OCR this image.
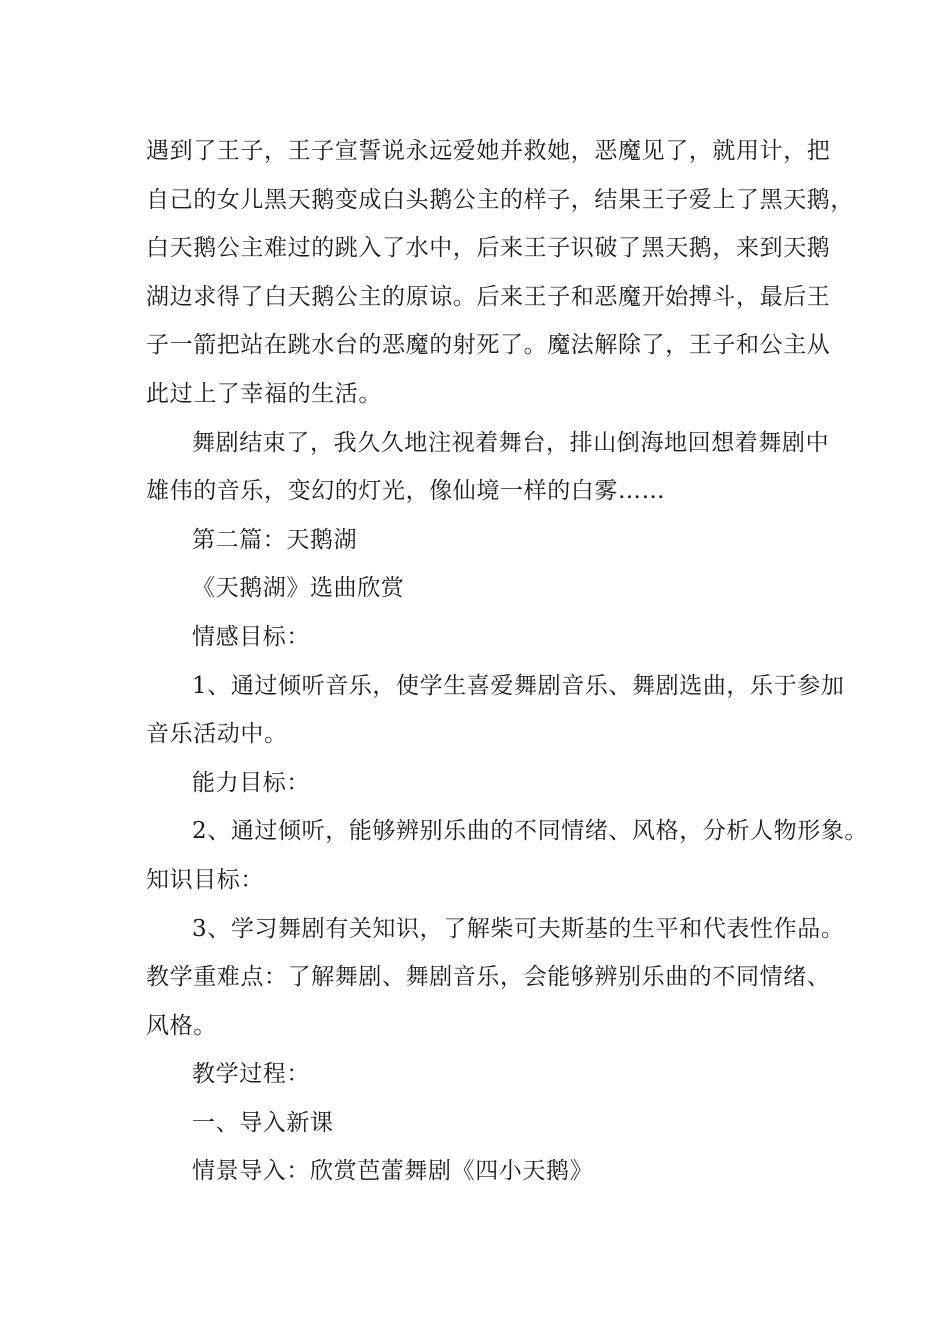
遇到了王子，王子宣誓说永远爱她并救她，恶魔见了，就用计，把
自己的女儿黑天鹅变成白头鹅公主的样子，结果王子爱上了黑天鹅，
白天鹅公主难过的跳入了水中，后来王子识破了黑天鹅，来到天鹅
湖边求得了白天鹅公主的原谅。后来王子和恶魔开始搏斗，最后王
子一箭把站在跳水台的恶魔的射死了。魔法解除了，王子和公主从
此过上了幸福的生活。
舞剧结束了，我久久地注视着舞台，排山倒海地回想着舞剧中
雄伟的音乐，变幻的灯光，像仙境一样的白雾……
第二篇：天鹅湖
《天鹅湖》选曲欣赏
情感目标：
1、通过倾听音乐，使学生喜爱舞剧音乐、舞剧选曲，乐于参加
音乐活动中。
能力目标：
2、通过倾听，能够辨别乐曲的不同情绪、风格，分析人物形象。
知识目标：
3、学习舞剧有关知识，了解柴可夫斯基的生平和代表性作品。
教学重难点：了解舞剧、舞剧音乐，会能够辨别乐曲的不同情绪、
风格。
教学过程：
一、导入新课
情景导入：欣赏芭蕾舞剧《四小天鹅》
